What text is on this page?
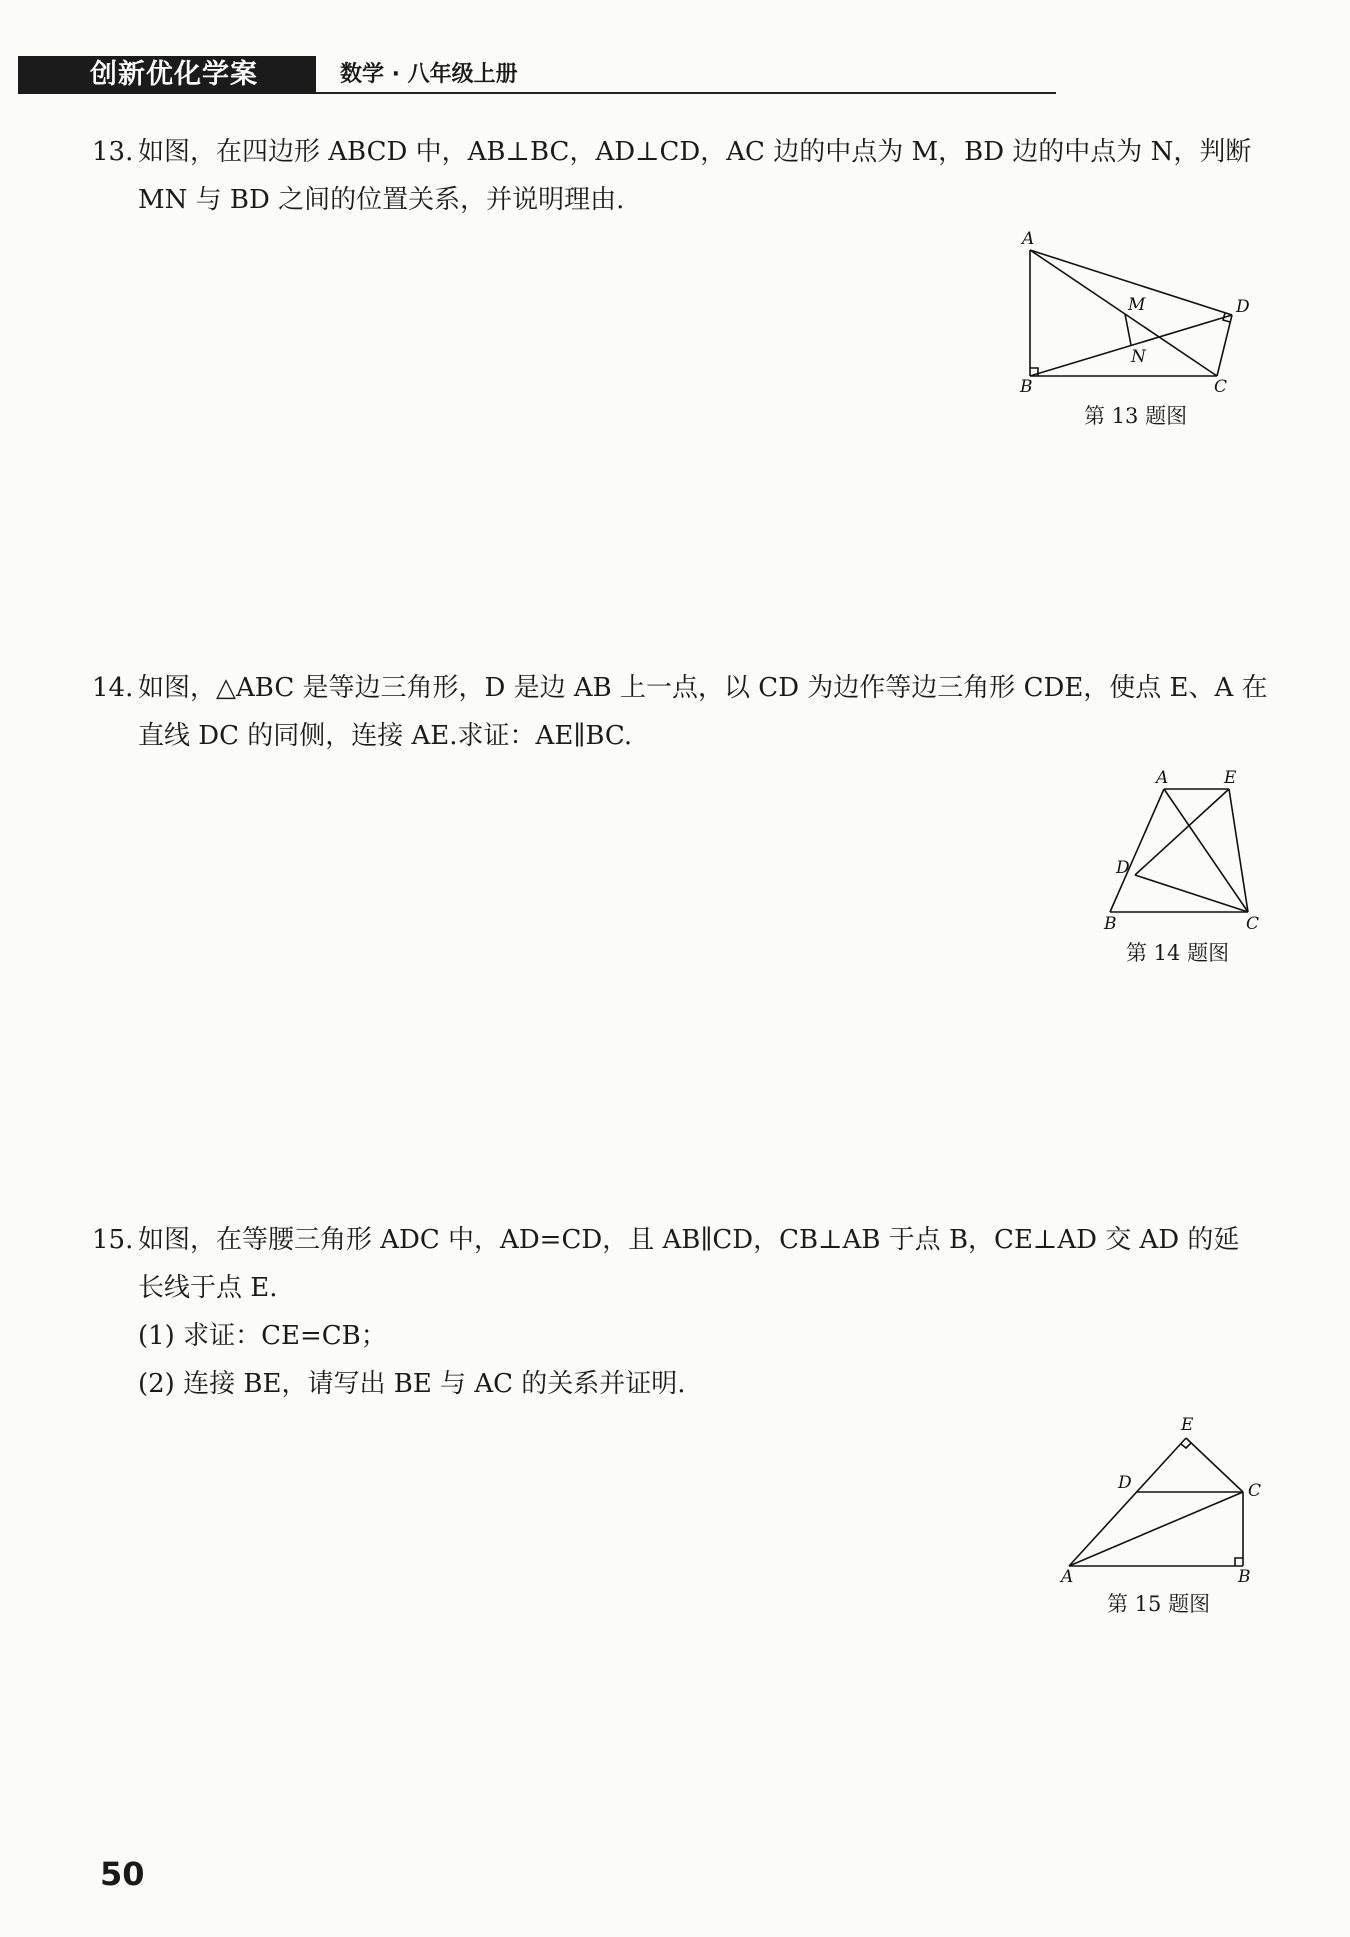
创新优化学案	数学 · 八年级上册

13. 如图，在四边形 ABCD 中，AB⊥BC，AD⊥CD，AC 边的中点为 M，BD 边的中点为 N，判断

MN 与 BD 之间的位置关系，并说明理由.

A
M	D
N
B	C
第 13 题图

14. 如图，△ABC 是等边三角形，D 是边 AB 上一点，以 CD 为边作等边三角形 CDE，使点 E、A 在

直线 DC 的同侧，连接 AE.求证：AE∥BC.

A	E
D
B	C
第 14 题图

15. 如图，在等腰三角形 ADC 中，AD=CD，且 AB∥CD，CB⊥AB 于点 B，CE⊥AD 交 AD 的延

长线于点 E.

(1) 求证：CE=CB；

(2) 连接 BE，请写出 BE 与 AC 的关系并证明.

E
D	C
A	B
第 15 题图
50
